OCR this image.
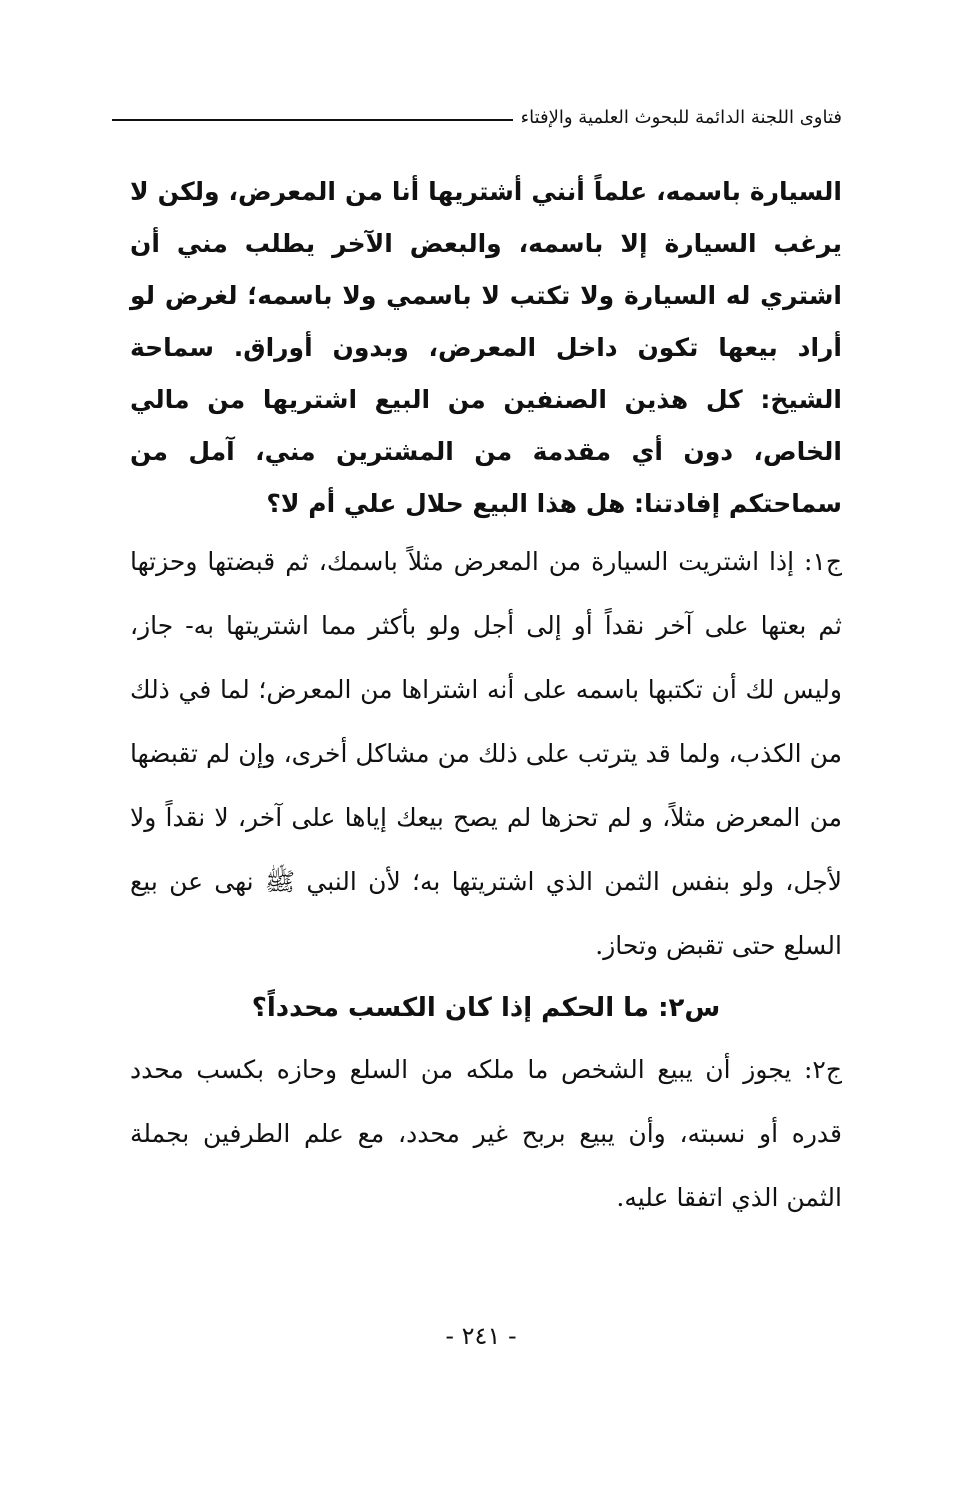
فتاوى اللجنة الدائمة للبحوث العلمية والإفتاء

السيارة باسمه، علماً أنني أشتريها أنا من المعرض، ولكن لا يرغب السيارة إلا باسمه، والبعض الآخر يطلب مني أن اشتري له السيارة ولا تكتب لا باسمي ولا باسمه؛ لغرض لو أراد بيعها تكون داخل المعرض، وبدون أوراق. سماحة الشيخ: كل هذين الصنفين من البيع اشتريها من مالي الخاص، دون أي مقدمة من المشترين مني، آمل من سماحتكم إفادتنا: هل هذا البيع حلال علي أم لا؟

ج١: إذا اشتريت السيارة من المعرض مثلاً باسمك، ثم قبضتها وحزتها ثم بعتها على آخر نقداً أو إلى أجل ولو بأكثر مما اشتريتها به- جاز، وليس لك أن تكتبها باسمه على أنه اشتراها من المعرض؛ لما في ذلك من الكذب، ولما قد يترتب على ذلك من مشاكل أخرى، وإن لم تقبضها من المعرض مثلاً، و لم تحزها لم يصح بيعك إياها على آخر، لا نقداً ولا لأجل، ولو بنفس الثمن الذي اشتريتها به؛ لأن النبي ﷺ نهى عن بيع السلع حتى تقبض وتحاز.

س٢: ما الحكم إذا كان الكسب محدداً؟

ج٢: يجوز أن يبيع الشخص ما ملكه من السلع وحازه بكسب محدد قدره أو نسبته، وأن يبيع بربح غير محدد، مع علم الطرفين بجملة الثمن الذي اتفقا عليه.

- ٢٤١ -
